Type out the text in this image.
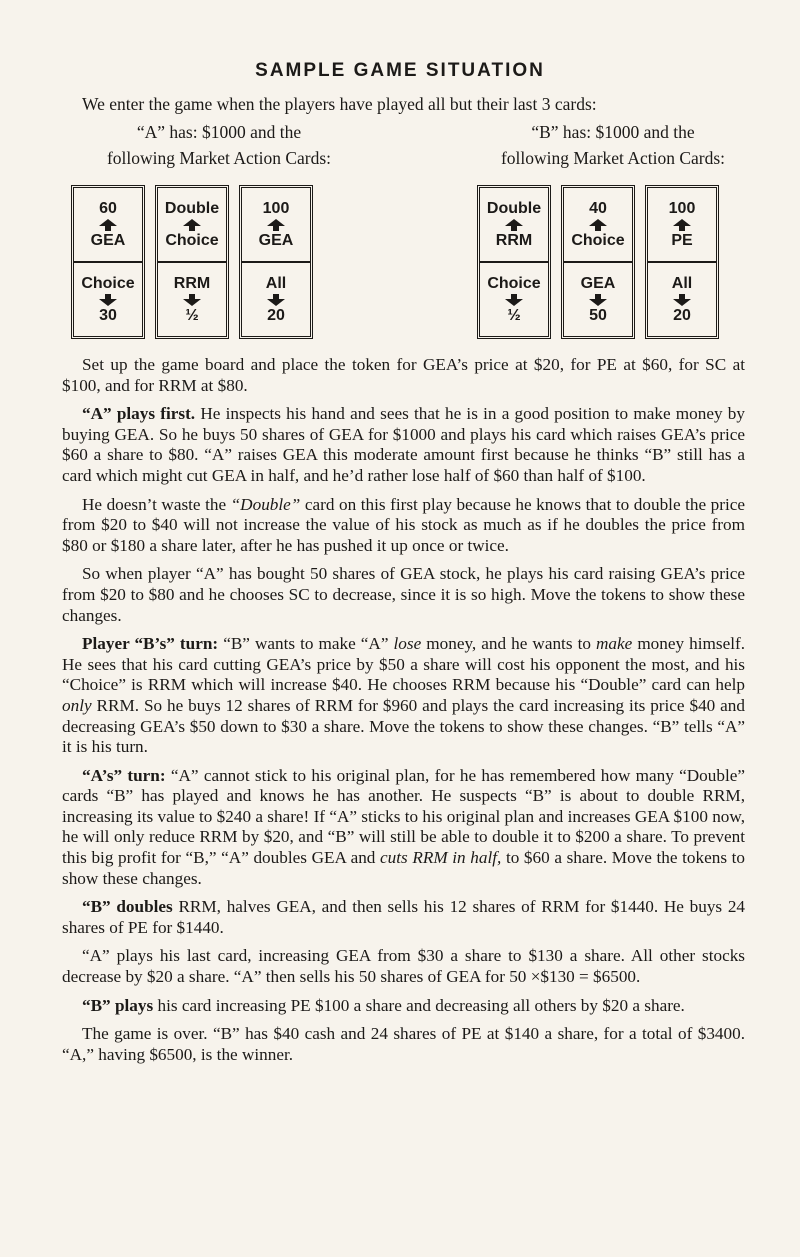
SAMPLE GAME SITUATION
We enter the game when the players have played all but their last 3 cards:
“A” has: $1000 and the
following Market Action Cards:
“B” has: $1000 and the
following Market Action Cards:
60
GEA
Choice
30
Double
Choice
RRM
½
100
GEA
All
20
Double
RRM
Choice
½
40
Choice
GEA
50
100
PE
All
20

Set up the game board and place the token for GEA’s price at $20, for PE at $60, for SC at $100, and for RRM at $80.

“A” plays first. He inspects his hand and sees that he is in a good position to make money by buying GEA. So he buys 50 shares of GEA for $1000 and plays his card which raises GEA’s price $60 a share to $80. “A” raises GEA this moderate amount first because he thinks “B” still has a card which might cut GEA in half, and he’d rather lose half of $60 than half of $100.

He doesn’t waste the “Double” card on this first play because he knows that to double the price from $20 to $40 will not increase the value of his stock as much as if he doubles the price from $80 or $180 a share later, after he has pushed it up once or twice.

So when player “A” has bought 50 shares of GEA stock, he plays his card raising GEA’s price from $20 to $80 and he chooses SC to decrease, since it is so high. Move the tokens to show these changes.

Player “B’s” turn: “B” wants to make “A” lose money, and he wants to make money himself. He sees that his card cutting GEA’s price by $50 a share will cost his opponent the most, and his “Choice” is RRM which will increase $40. He chooses RRM because his “Double” card can help only RRM. So he buys 12 shares of RRM for $960 and plays the card increasing its price $40 and decreasing GEA’s $50 down to $30 a share. Move the tokens to show these changes. “B” tells “A” it is his turn.

“A’s” turn: “A” cannot stick to his original plan, for he has remembered how many “Double” cards “B” has played and knows he has another. He suspects “B” is about to double RRM, increasing its value to $240 a share! If “A” sticks to his original plan and increases GEA $100 now, he will only reduce RRM by $20, and “B” will still be able to double it to $200 a share. To prevent this big profit for “B,” “A” doubles GEA and cuts RRM in half, to $60 a share. Move the tokens to show these changes.

“B” doubles RRM, halves GEA, and then sells his 12 shares of RRM for $1440. He buys 24 shares of PE for $1440.

“A” plays his last card, increasing GEA from $30 a share to $130 a share. All other stocks decrease by $20 a share. “A” then sells his 50 shares of GEA for 50 ×$130 = $6500.

“B” plays his card increasing PE $100 a share and decreasing all others by $20 a share.

The game is over. “B” has $40 cash and 24 shares of PE at $140 a share, for a total of $3400. “A,” having $6500, is the winner.
